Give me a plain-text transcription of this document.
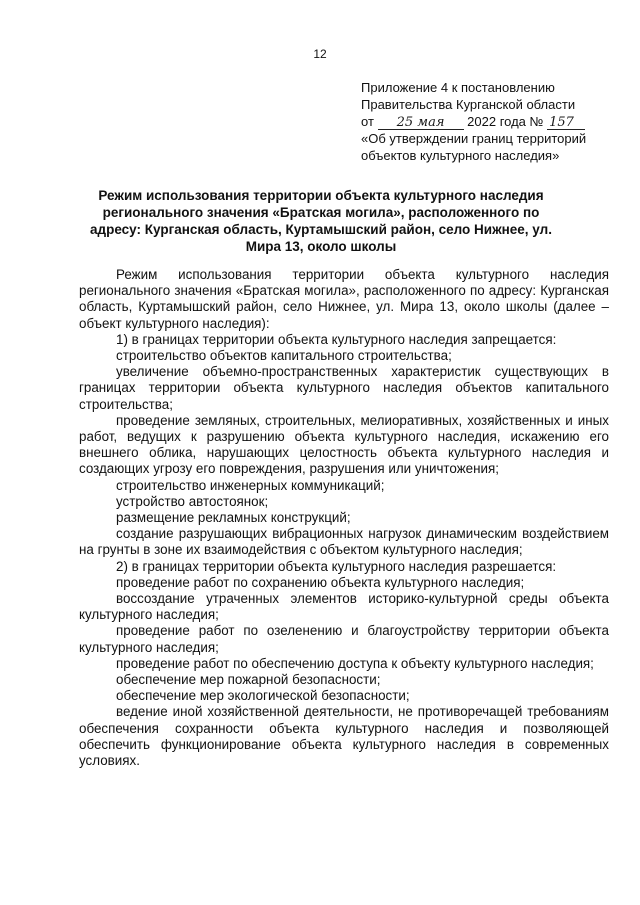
12
Приложение 4 к постановлению
Правительства Курганской области
от 25 мая 2022 года № 157
«Об утверждении границ территорий
объектов культурного наследия»
Режим использования территории объекта культурного наследия регионального значения «Братская могила», расположенного по адресу: Курганская область, Куртамышский район, село Нижнее, ул. Мира 13, около школы

Режим использования территории объекта культурного наследия регионального значения «Братская могила», расположенного по адресу: Курганская область, Куртамышский район, село Нижнее, ул. Мира 13, около школы (далее – объект культурного наследия):

1) в границах территории объекта культурного наследия запрещается:

строительство объектов капитального строительства;

увеличение объемно-пространственных характеристик существующих в границах территории объекта культурного наследия объектов капитального строительства;

проведение земляных, строительных, мелиоративных, хозяйственных и иных работ, ведущих к разрушению объекта культурного наследия, искажению его внешнего облика, нарушающих целостность объекта культурного наследия и создающих угрозу его повреждения, разрушения или уничтожения;

строительство инженерных коммуникаций;

устройство автостоянок;

размещение рекламных конструкций;

создание разрушающих вибрационных нагрузок динамическим воздействием на грунты в зоне их взаимодействия с объектом культурного наследия;

2) в границах территории объекта культурного наследия разрешается:

проведение работ по сохранению объекта культурного наследия;

воссоздание утраченных элементов историко-культурной среды объекта культурного наследия;

проведение работ по озеленению и благоустройству территории объекта культурного наследия;

проведение работ по обеспечению доступа к объекту культурного наследия;

обеспечение мер пожарной безопасности;

обеспечение мер экологической безопасности;

ведение иной хозяйственной деятельности, не противоречащей требованиям обеспечения сохранности объекта культурного наследия и позволяющей обеспечить функционирование объекта культурного наследия в современных условиях.
